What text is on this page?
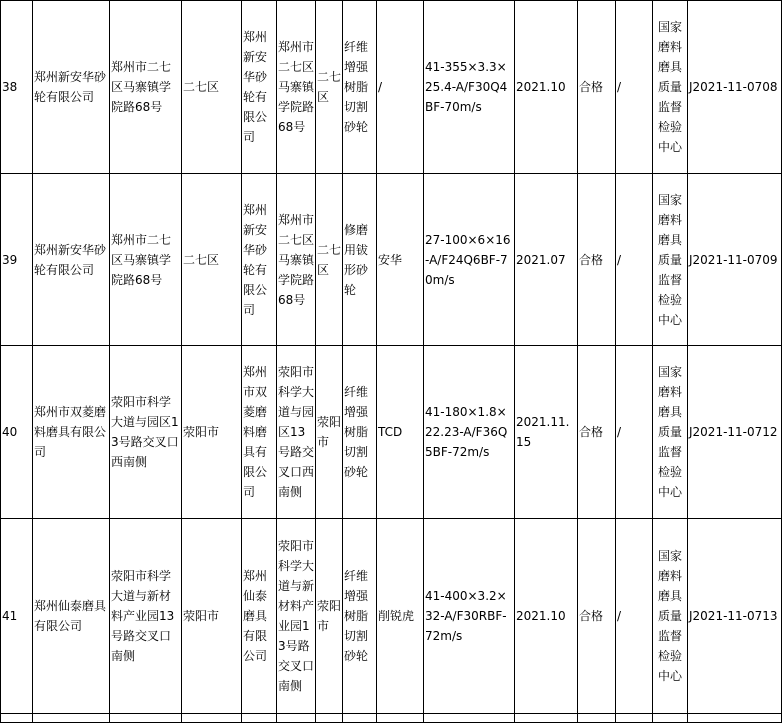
38	郑州新安华砂轮有限公司	郑州市二七区马寨镇学院路68号	二七区	郑州新安华砂轮有限公司	郑州市二七区马寨镇学院路68号	二七区	纤维增强树脂切割砂轮	/	41-355×3.3×25.4-A/F30Q4BF-70m/s	2021.10	合格	/	国家磨料磨具质量监督检验中心	J2021-11-0708
39	郑州新安华砂轮有限公司	郑州市二七区马寨镇学院路68号	二七区	郑州新安华砂轮有限公司	郑州市二七区马寨镇学院路68号	二七区	修磨用钹形砂轮	安华	27-100×6×16-A/F24Q6BF-70m/s	2021.07	合格	/	国家磨料磨具质量监督检验中心	J2021-11-0709
40	郑州市双菱磨料磨具有限公司	荥阳市科学大道与园区13号路交叉口西南侧	荥阳市	郑州市双菱磨料磨具有限公司	荥阳市科学大道与园区13号路交叉口西南侧	荥阳市	纤维增强树脂切割砂轮	TCD	41-180×1.8×22.23-A/F36Q5BF-72m/s	2021.11.15	合格	/	国家磨料磨具质量监督检验中心	J2021-11-0712
41	郑州仙泰磨具有限公司	荥阳市科学大道与新材料产业园13号路交叉口南侧	荥阳市	郑州仙泰磨具有限公司	荥阳市科学大道与新材料产业园13号路交叉口南侧	荥阳市	纤维增强树脂切割砂轮	削锐虎	41-400×3.2×32-A/F30RBF-72m/s	2021.10	合格	/	国家磨料磨具质量监督检验中心	J2021-11-0713
